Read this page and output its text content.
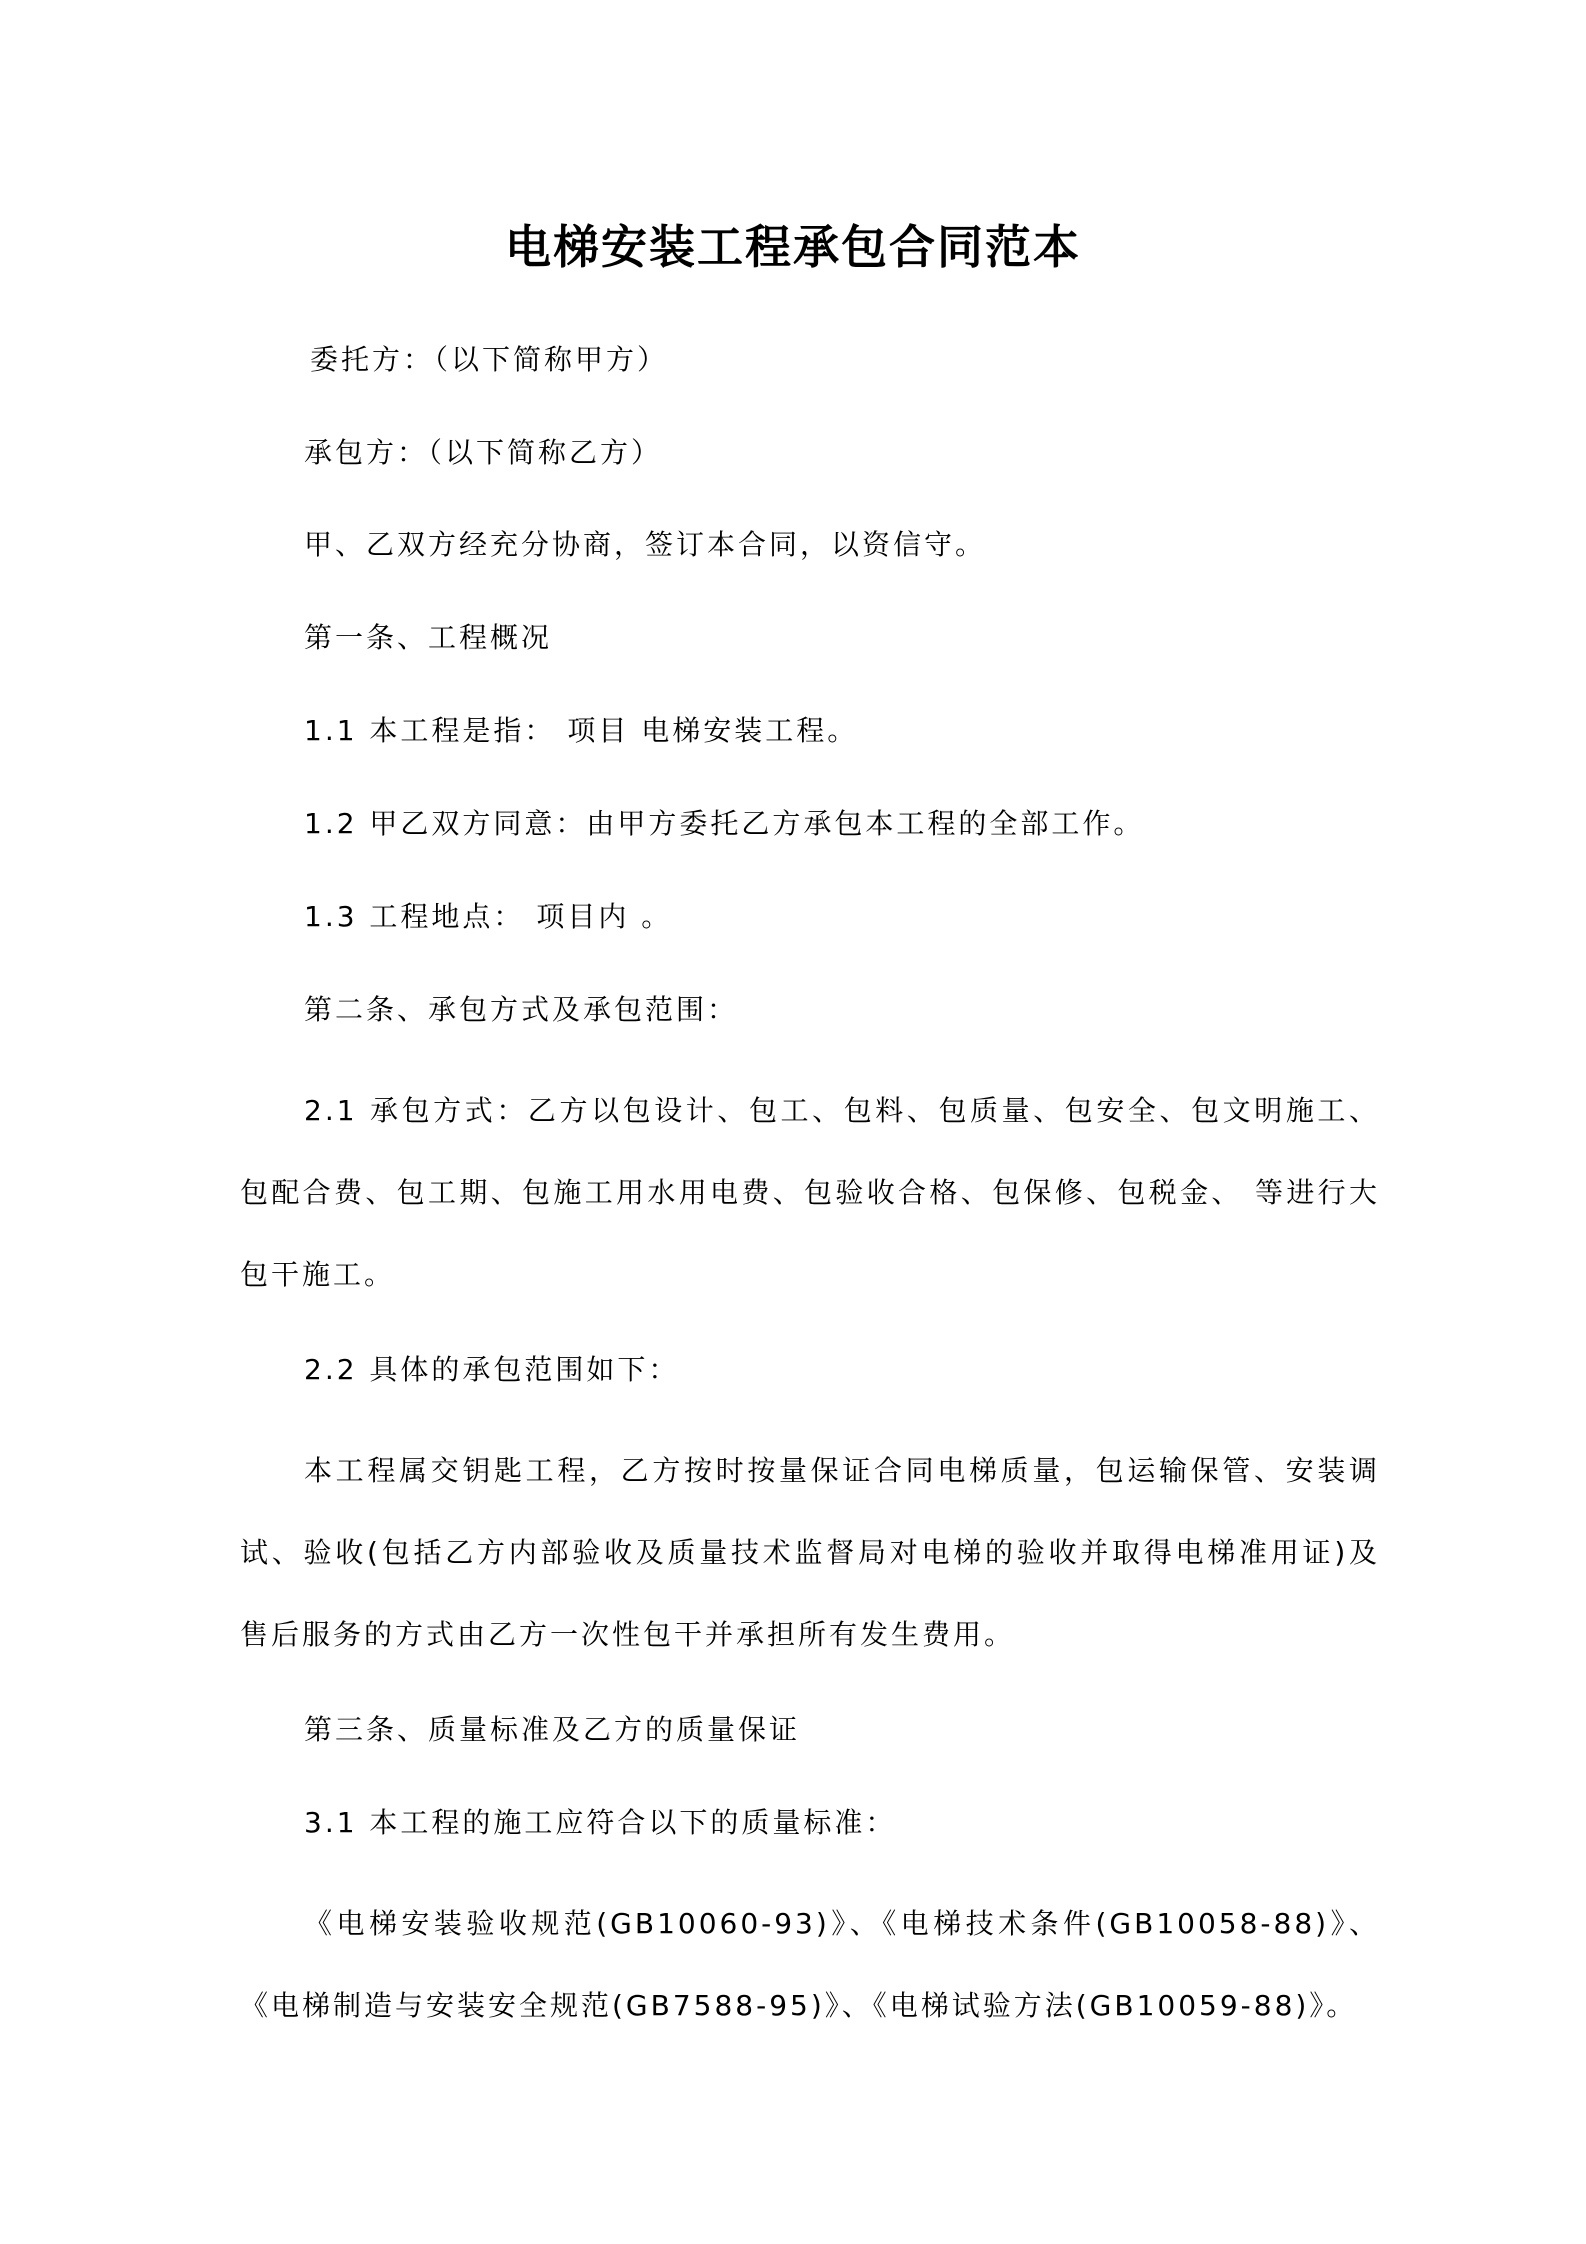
电梯安装工程承包合同范本
委托方：（以下简称甲方）
承包方：（以下简称乙方）
甲、乙双方经充分协商，签订本合同，以资信守。
第一条、工程概况
1.1 本工程是指： 项目 电梯安装工程。
1.2 甲乙双方同意：由甲方委托乙方承包本工程的全部工作。
1.3 工程地点： 项目内 。
第二条、承包方式及承包范围：
2.1 承包方式：乙方以包设计、包工、包料、包质量、包安全、包文明施工、包配合费、包工期、包施工用水用电费、包验收合格、包保修、包税金、 等进行大包干施工。
2.2 具体的承包范围如下：
本工程属交钥匙工程，乙方按时按量保证合同电梯质量，包运输保管、安装调试、验收(包括乙方内部验收及质量技术监督局对电梯的验收并取得电梯准用证)及售后服务的方式由乙方一次性包干并承担所有发生费用。
第三条、质量标准及乙方的质量保证
3.1 本工程的施工应符合以下的质量标准：
《电梯安装验收规范(GB10060-93)》、《电梯技术条件(GB10058-88)》、《电梯制造与安装安全规范(GB7588-95)》、《电梯试验方法(GB10059-88)》。
